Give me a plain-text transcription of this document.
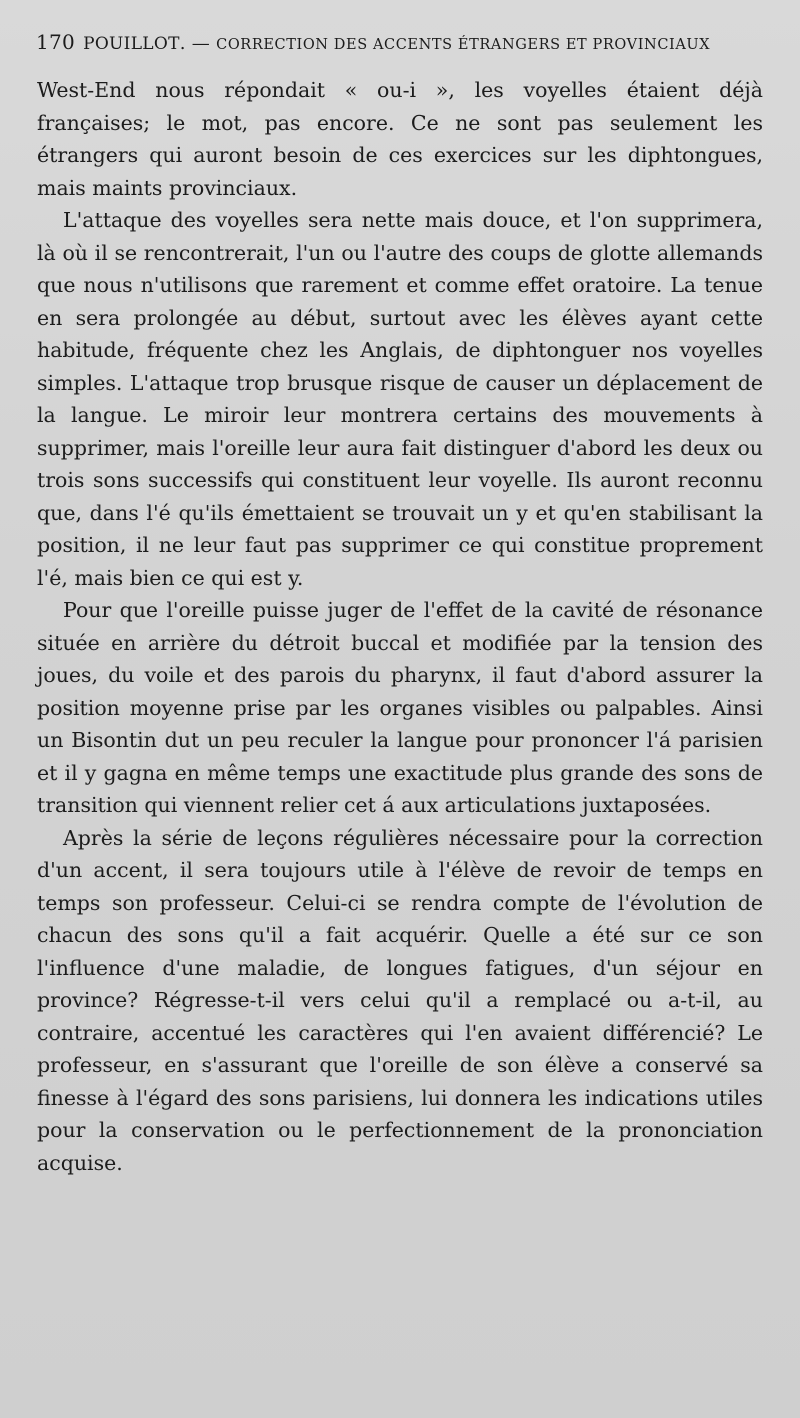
170 POUILLOT. — CORRECTION DES ACCENTS ÉTRANGERS ET PROVINCIAUX

West-End nous répondait « ou-i », les voyelles étaient déjà françaises; le mot, pas encore. Ce ne sont pas seulement les étrangers qui auront besoin de ces exercices sur les diphtongues, mais maints provinciaux.

L'attaque des voyelles sera nette mais douce, et l'on supprimera, là où il se rencontrerait, l'un ou l'autre des coups de glotte allemands que nous n'utilisons que rarement et comme effet oratoire. La tenue en sera prolongée au début, surtout avec les élèves ayant cette habitude, fréquente chez les Anglais, de diphtonguer nos voyelles simples. L'attaque trop brusque risque de causer un déplacement de la langue. Le miroir leur montrera certains des mouvements à supprimer, mais l'oreille leur aura fait distinguer d'abord les deux ou trois sons successifs qui constituent leur voyelle. Ils auront reconnu que, dans l'é qu'ils émettaient se trouvait un y et qu'en stabilisant la position, il ne leur faut pas supprimer ce qui constitue proprement l'é, mais bien ce qui est y.

Pour que l'oreille puisse juger de l'effet de la cavité de résonance située en arrière du détroit buccal et modifiée par la tension des joues, du voile et des parois du pharynx, il faut d'abord assurer la position moyenne prise par les organes visibles ou palpables. Ainsi un Bisontin dut un peu reculer la langue pour prononcer l'á parisien et il y gagna en même temps une exactitude plus grande des sons de transition qui viennent relier cet á aux articulations juxtaposées.

Après la série de leçons régulières nécessaire pour la correction d'un accent, il sera toujours utile à l'élève de revoir de temps en temps son professeur. Celui-ci se rendra compte de l'évolution de chacun des sons qu'il a fait acquérir. Quelle a été sur ce son l'influence d'une maladie, de longues fatigues, d'un séjour en province? Régresse-t-il vers celui qu'il a remplacé ou a-t-il, au contraire, accentué les caractères qui l'en avaient différencié? Le professeur, en s'assurant que l'oreille de son élève a conservé sa finesse à l'égard des sons parisiens, lui donnera les indications utiles pour la conservation ou le perfectionnement de la prononciation acquise.
